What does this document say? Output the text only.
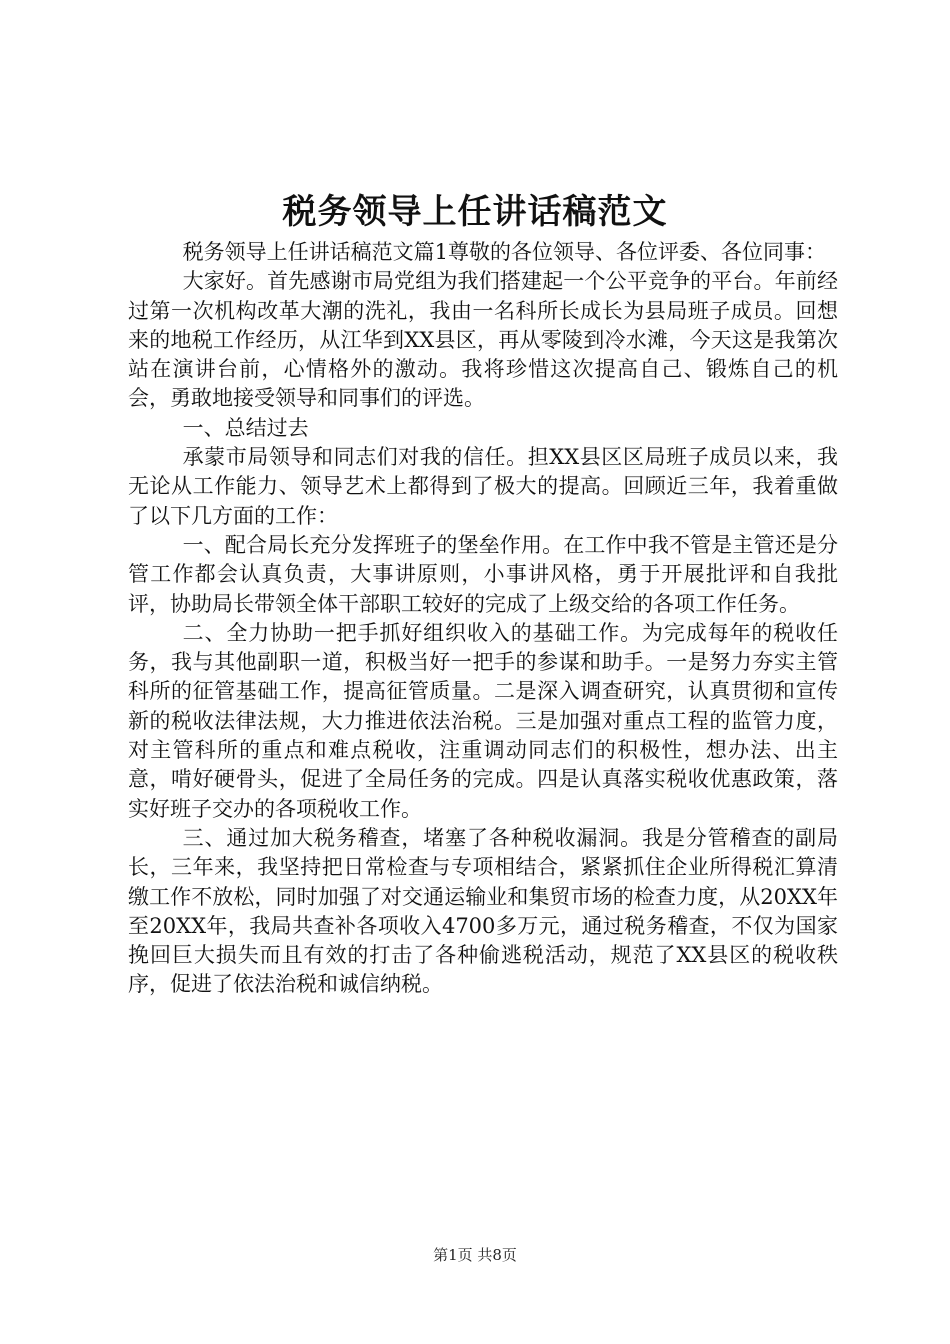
税务领导上任讲话稿范文

税务领导上任讲话稿范文篇1尊敬的各位领导、各位评委、各位同事：

大家好。首先感谢市局党组为我们搭建起一个公平竞争的平台。年前经过第一次机构改革大潮的洗礼，我由一名科所长成长为县局班子成员。回想来的地税工作经历，从江华到XX县区，再从零陵到冷水滩，今天这是我第次站在演讲台前，心情格外的激动。我将珍惜这次提高自己、锻炼自己的机会，勇敢地接受领导和同事们的评选。

一、总结过去

承蒙市局领导和同志们对我的信任。担XX县区区局班子成员以来，我无论从工作能力、领导艺术上都得到了极大的提高。回顾近三年，我着重做了以下几方面的工作：

一、配合局长充分发挥班子的堡垒作用。在工作中我不管是主管还是分管工作都会认真负责，大事讲原则，小事讲风格，勇于开展批评和自我批评，协助局长带领全体干部职工较好的完成了上级交给的各项工作任务。

二、全力协助一把手抓好组织收入的基础工作。为完成每年的税收任务，我与其他副职一道，积极当好一把手的参谋和助手。一是努力夯实主管科所的征管基础工作，提高征管质量。二是深入调查研究，认真贯彻和宣传新的税收法律法规，大力推进依法治税。三是加强对重点工程的监管力度，对主管科所的重点和难点税收，注重调动同志们的积极性，想办法、出主意，啃好硬骨头，促进了全局任务的完成。四是认真落实税收优惠政策，落实好班子交办的各项税收工作。

三、通过加大税务稽查，堵塞了各种税收漏洞。我是分管稽查的副局长，三年来，我坚持把日常检查与专项相结合，紧紧抓住企业所得税汇算清缴工作不放松，同时加强了对交通运输业和集贸市场的检查力度，从20XX年至20XX年，我局共查补各项收入4700多万元，通过税务稽查，不仅为国家挽回巨大损失而且有效的打击了各种偷逃税活动，规范了XX县区的税收秩序，促进了依法治税和诚信纳税。

第1页 共8页
